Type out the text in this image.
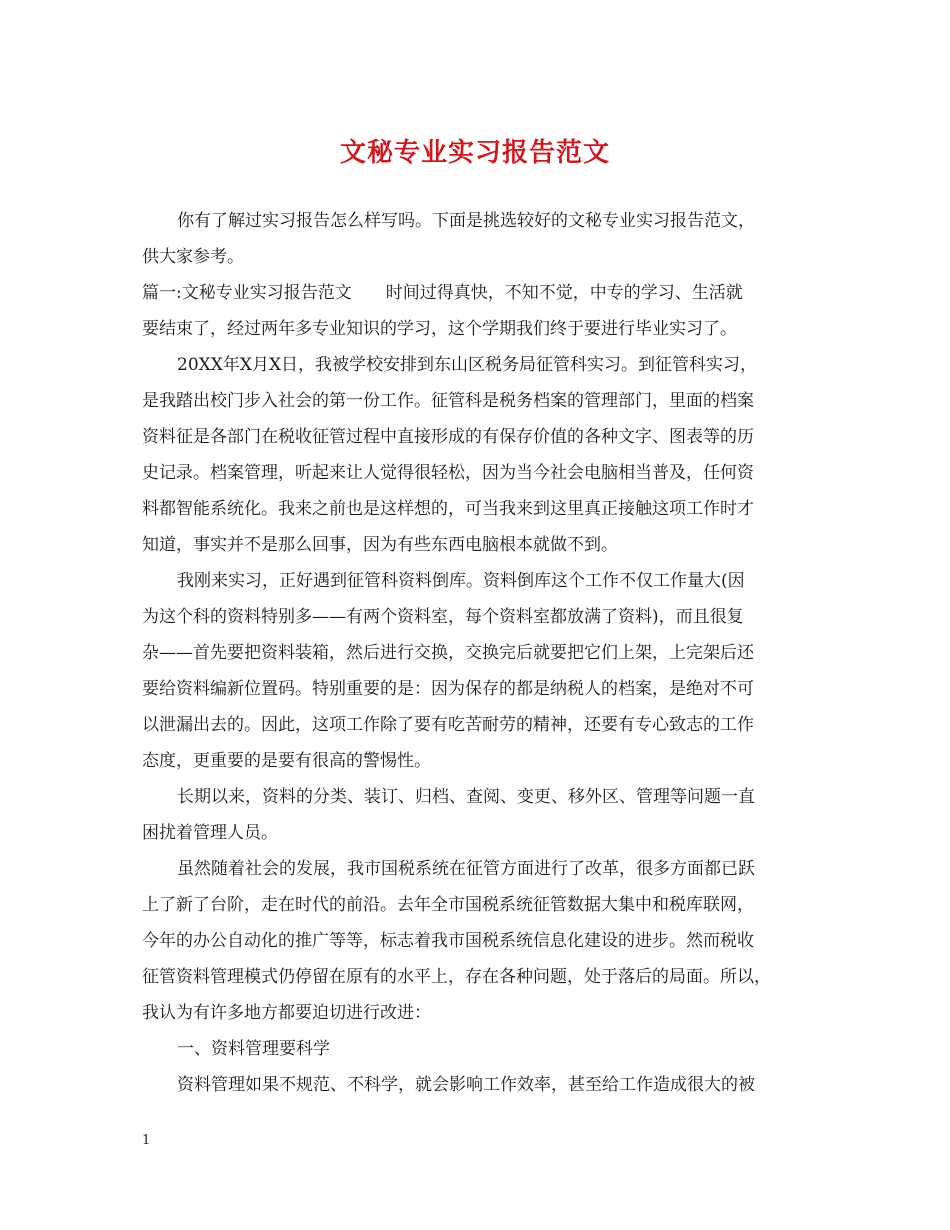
文秘专业实习报告范文
你有了解过实习报告怎么样写吗。下面是挑选较好的文秘专业实习报告范文，
供大家参考。
篇一:文秘专业实习报告范文　　时间过得真快，不知不觉，中专的学习、生活就
要结束了，经过两年多专业知识的学习，这个学期我们终于要进行毕业实习了。
20XX年X月X日，我被学校安排到东山区税务局征管科实习。到征管科实习，
是我踏出校门步入社会的第一份工作。征管科是税务档案的管理部门，里面的档案
资料征是各部门在税收征管过程中直接形成的有保存价值的各种文字、图表等的历
史记录。档案管理，听起来让人觉得很轻松，因为当今社会电脑相当普及，任何资
料都智能系统化。我来之前也是这样想的，可当我来到这里真正接触这项工作时才
知道，事实并不是那么回事，因为有些东西电脑根本就做不到。
我刚来实习，正好遇到征管科资料倒库。资料倒库这个工作不仅工作量大(因
为这个科的资料特别多——有两个资料室，每个资料室都放满了资料)，而且很复
杂——首先要把资料装箱，然后进行交换，交换完后就要把它们上架，上完架后还
要给资料编新位置码。特别重要的是：因为保存的都是纳税人的档案，是绝对不可
以泄漏出去的。因此，这项工作除了要有吃苦耐劳的精神，还要有专心致志的工作
态度，更重要的是要有很高的警惕性。
长期以来，资料的分类、装订、归档、查阅、变更、移外区、管理等问题一直
困扰着管理人员。
虽然随着社会的发展，我市国税系统在征管方面进行了改革，很多方面都已跃
上了新了台阶，走在时代的前沿。去年全市国税系统征管数据大集中和税库联网，
今年的办公自动化的推广等等，标志着我市国税系统信息化建设的进步。然而税收
征管资料管理模式仍停留在原有的水平上，存在各种问题，处于落后的局面。所以，
我认为有许多地方都要迫切进行改进：
一、资料管理要科学
资料管理如果不规范、不科学，就会影响工作效率，甚至给工作造成很大的被
1
